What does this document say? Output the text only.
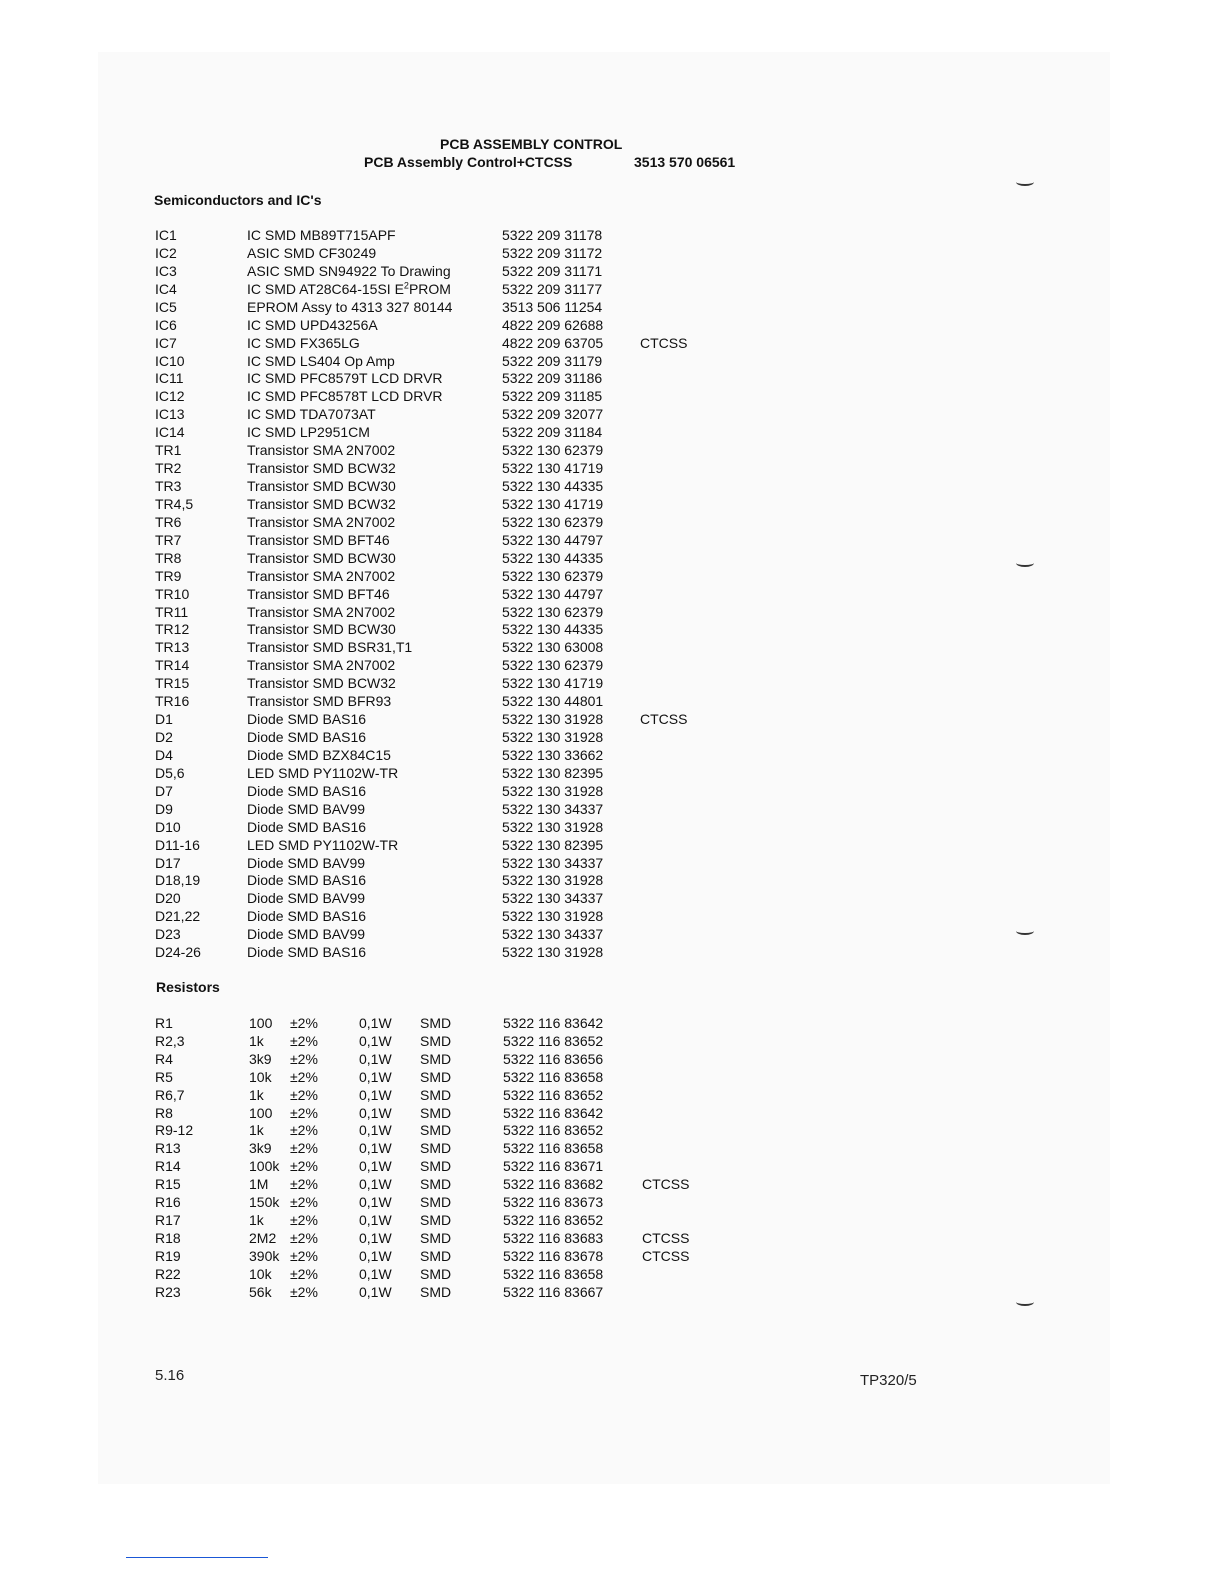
PCB ASSEMBLY CONTROL
PCB Assembly Control+CTCSS	3513 570 06561
Semiconductors and IC's
IC1	IC SMD MB89T715APF	5322 209 31178
IC2	ASIC SMD CF30249	5322 209 31172
IC3	ASIC SMD SN94922 To Drawing	5322 209 31171
IC4	IC SMD AT28C64-15SI $E^2PROM$	5322 209 31177
IC5	EPROM Assy to 4313 327 80144	3513 506 11254
IC6	IC SMD UPD43256A	4822 209 62688
IC7	IC SMD FX365LG	4822 209 63705	CTCSS
IC10	IC SMD LS404 Op Amp	5322 209 31179
IC11	IC SMD PFC8579T LCD DRVR	5322 209 31186
IC12	IC SMD PFC8578T LCD DRVR	5322 209 31185
IC13	IC SMD TDA7073AT	5322 209 32077
IC14	IC SMD LP2951CM	5322 209 31184
TR1	Transistor SMA 2N7002	5322 130 62379
TR2	Transistor SMD BCW32	5322 130 41719
TR3	Transistor SMD BCW30	5322 130 44335
TR4,5	Transistor SMD BCW32	5322 130 41719
TR6	Transistor SMA 2N7002	5322 130 62379
TR7	Transistor SMD BFT46	5322 130 44797
TR8	Transistor SMD BCW30	5322 130 44335
TR9	Transistor SMA 2N7002	5322 130 62379
TR10	Transistor SMD BFT46	5322 130 44797
TR11	Transistor SMA 2N7002	5322 130 62379
TR12	Transistor SMD BCW30	5322 130 44335
TR13	Transistor SMD BSR31,T1	5322 130 63008
TR14	Transistor SMA 2N7002	5322 130 62379
TR15	Transistor SMD BCW32	5322 130 41719
TR16	Transistor SMD BFR93	5322 130 44801
D1	Diode SMD BAS16	5322 130 31928	CTCSS
D2	Diode SMD BAS16	5322 130 31928
D4	Diode SMD BZX84C15	5322 130 33662
D5,6	LED SMD PY1102W-TR	5322 130 82395
D7	Diode SMD BAS16	5322 130 31928
D9	Diode SMD BAV99	5322 130 34337
D10	Diode SMD BAS16	5322 130 31928
D11-16	LED SMD PY1102W-TR	5322 130 82395
D17	Diode SMD BAV99	5322 130 34337
D18,19	Diode SMD BAS16	5322 130 31928
D20	Diode SMD BAV99	5322 130 34337
D21,22	Diode SMD BAS16	5322 130 31928
D23	Diode SMD BAV99	5322 130 34337
D24-26	Diode SMD BAS16	5322 130 31928
Resistors
R1	100 ±2%	0,1W SMD	5322 116 83642
R2,3	1k ±2%	0,1W SMD	5322 116 83652
R4	3k9 ±2%	0,1W SMD	5322 116 83656
R5	10k ±2%	0,1W SMD	5322 116 83658
R6,7	1k ±2%	0,1W SMD	5322 116 83652
R8	100 ±2%	0,1W SMD	5322 116 83642
R9-12	1k ±2%	0,1W SMD	5322 116 83652
R13	3k9 ±2%	0,1W SMD	5322 116 83658
R14	100k ±2%	0,1W SMD	5322 116 83671
R15	1M ±2%	0,1W SMD	5322 116 83682	CTCSS
R16	150k ±2%	0,1W SMD	5322 116 83673
R17	1k ±2%	0,1W SMD	5322 116 83652
R18	2M2 ±2%	0,1W SMD	5322 116 83683	CTCSS
R19	390k ±2%	0,1W SMD	5322 116 83678	CTCSS
R22	10k ±2%	0,1W SMD	5322 116 83658
R23	56k ±2%	0,1W SMD	5322 116 83667
5.16	TP320/5
